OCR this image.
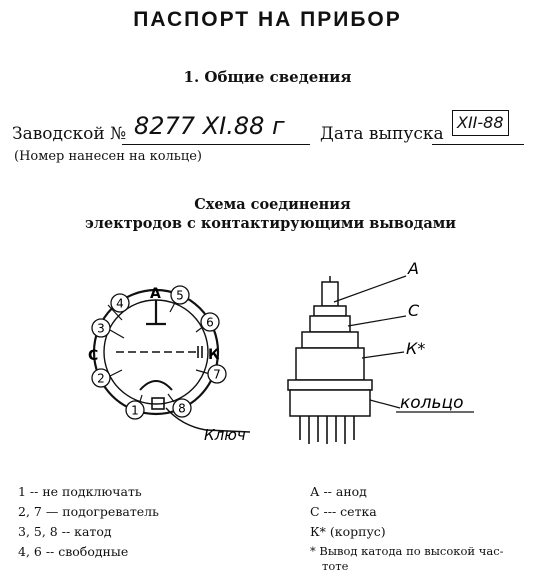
ПАСПОРТ НА ПРИБОР
1. Общие сведения
Заводской № 8277 XI.88 г Дата выпуска
XII-88
(Номер нанесен на кольце)
Схема соединения
электродов с контактирующими выводами
4
5
3	6
2	7
1	8
А
С	К
Ключ
А
С
К*
кольцо
1 -- не подключать
2, 7 — подогреватель
3, 5, 8 -- катод
4, 6 -- свободные
А -- анод
С --- сетка
К* (корпус)
* Вывод катода по высокой час-
тоте
